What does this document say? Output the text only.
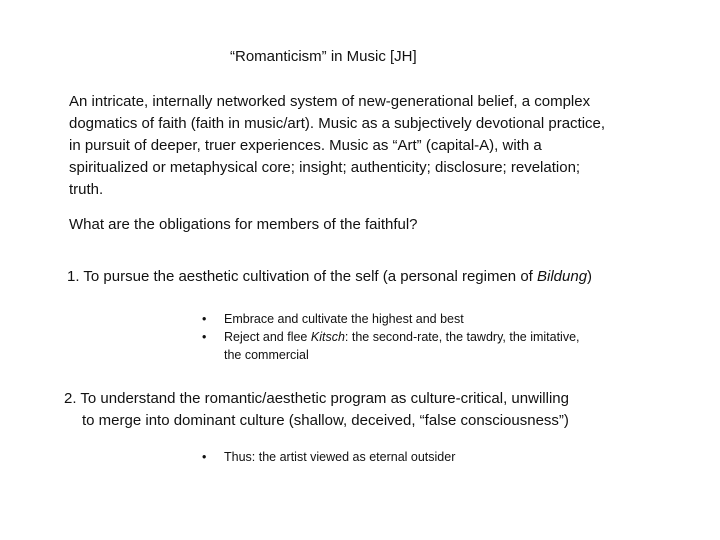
“Romanticism” in Music [JH]
An intricate, internally networked system of new-generational belief, a complex dogmatics of faith (faith in music/art). Music as a subjectively devotional practice, in pursuit of deeper, truer experiences. Music as “Art” (capital-A), with a spiritualized or metaphysical core; insight; authenticity; disclosure; revelation; truth.
What are the obligations for members of the faithful?
1. To pursue the aesthetic cultivation of the self (a personal regimen of Bildung)
• Embrace and cultivate the highest and best
• Reject and flee Kitsch: the second-rate, the tawdry, the imitative, the commercial
2. To understand the romantic/aesthetic program as culture-critical, unwilling
to merge into dominant culture (shallow, deceived, “false consciousness”)
• Thus: the artist viewed as eternal outsider
